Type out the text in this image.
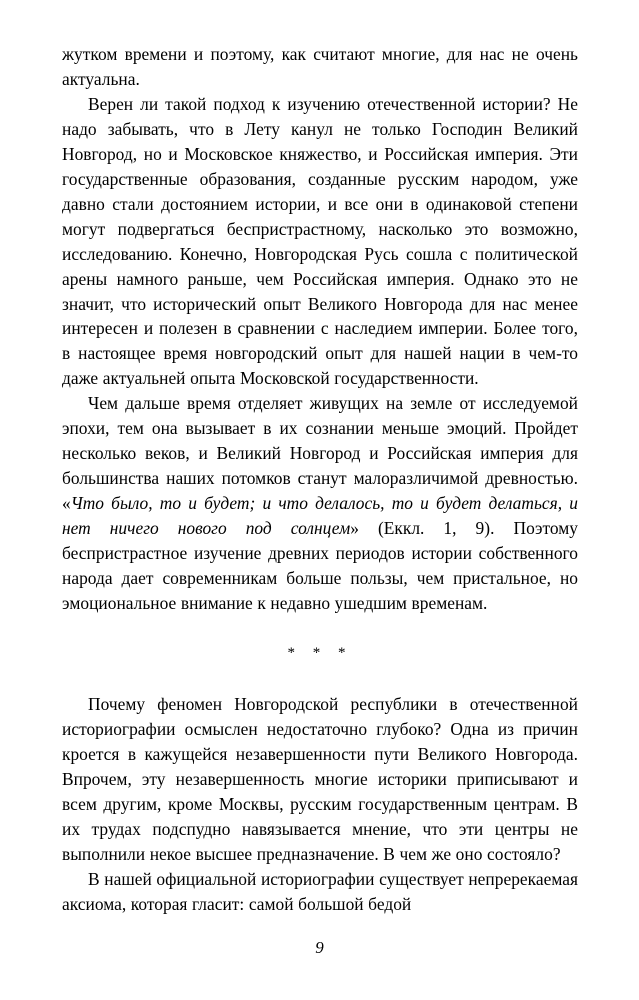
жутком времени и поэтому, как считают многие, для нас не очень актуальна.

Верен ли такой подход к изучению отечественной истории? Не надо забывать, что в Лету канул не только Господин Великий Новгород, но и Московское княжество, и Российская империя. Эти государственные образования, созданные русским народом, уже давно стали достоянием истории, и все они в одинаковой степени могут подвергаться беспристрастному, насколько это возможно, исследованию. Конечно, Новгородская Русь сошла с политической арены намного раньше, чем Российская империя. Однако это не значит, что исторический опыт Великого Новгорода для нас менее интересен и полезен в сравнении с наследием империи. Более того, в настоящее время новгородский опыт для нашей нации в чем-то даже актуальней опыта Московской государственности.

Чем дальше время отделяет живущих на земле от исследуемой эпохи, тем она вызывает в их сознании меньше эмоций. Пройдет несколько веков, и Великий Новгород и Российская империя для большинства наших потомков станут малоразличимой древностью. «Что было, то и будет; и что делалось, то и будет делаться, и нет ничего нового под солнцем» (Еккл. 1, 9). Поэтому беспристрастное изучение древних периодов истории собственного народа дает современникам больше пользы, чем пристальное, но эмоциональное внимание к недавно ушедшим временам.

* * *

Почему феномен Новгородской республики в отечественной историографии осмыслен недостаточно глубоко? Одна из причин кроется в кажущейся незавершенности пути Великого Новгорода. Впрочем, эту незавершенность многие историки приписывают и всем другим, кроме Москвы, русским государственным центрам. В их трудах подспудно навязывается мнение, что эти центры не выполнили некое высшее предназначение. В чем же оно состояло?

В нашей официальной историографии существует непререкаемая аксиома, которая гласит: самой большой бедой

9
